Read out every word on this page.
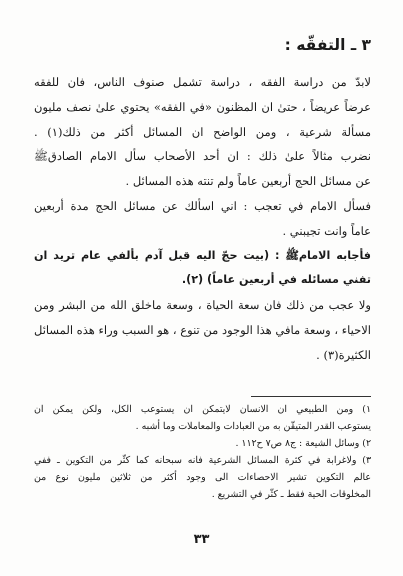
٣ ـ التفقّه :
لابدّ من دراسة الفقه ، دراسة تشمل صنوف الناس، فان للفقه
عرضاً عريضاً ، حتىٰ ان المظنون «في الفقه» يحتوي علىٰ نصف مليون
مسألة شرعية ، ومن الواضح ان المسائل أكثر من ذلك(١) .
نضرب مثالاً علىٰ ذلك : ان أحد الأصحاب سأل الامام الصادقﷺ
عن مسائل الحج أربعين عاماً ولم تنته هذه المسائل .
فسأل الامام في تعجب : اني اسألك عن مسائل الحج مدة أربعين
عاماً وانت تجيبني .
فأجابه الامامﷺ : (بيت حجّ اليه قبل آدم بألفي عام تريد ان
تفني مسائله في أربعين عاماً) (٢).
ولا عجب من ذلك فان سعة الحياة ، وسعة ماخلق الله من البشر ومن
الاحياء ، وسعة مافي هذا الوجود من تنوع ، هو السبب وراء هذه المسائل
الكثيرة(٣) .
١) ومن الطبيعي ان الانسان لايتمكن ان يستوعب الكل، ولكن يمكن ان
يستوعب القدر المتيقّن به من العبادات والمعاملات وما أشبه .
٢) وسائل الشيعة : ج٨ ص٧ ح١١٢ .
٣) ولاغرابة في كثرة المسائل الشرعية فانه سبحانه كما كثّر من التكوين ـ ففي
عالم التكوين تشير الاحصاءات الى وجود أكثر من ثلاثين مليون نوع من
المخلوقات الحية فقط ـ كثّر في التشريع .
٣٣
